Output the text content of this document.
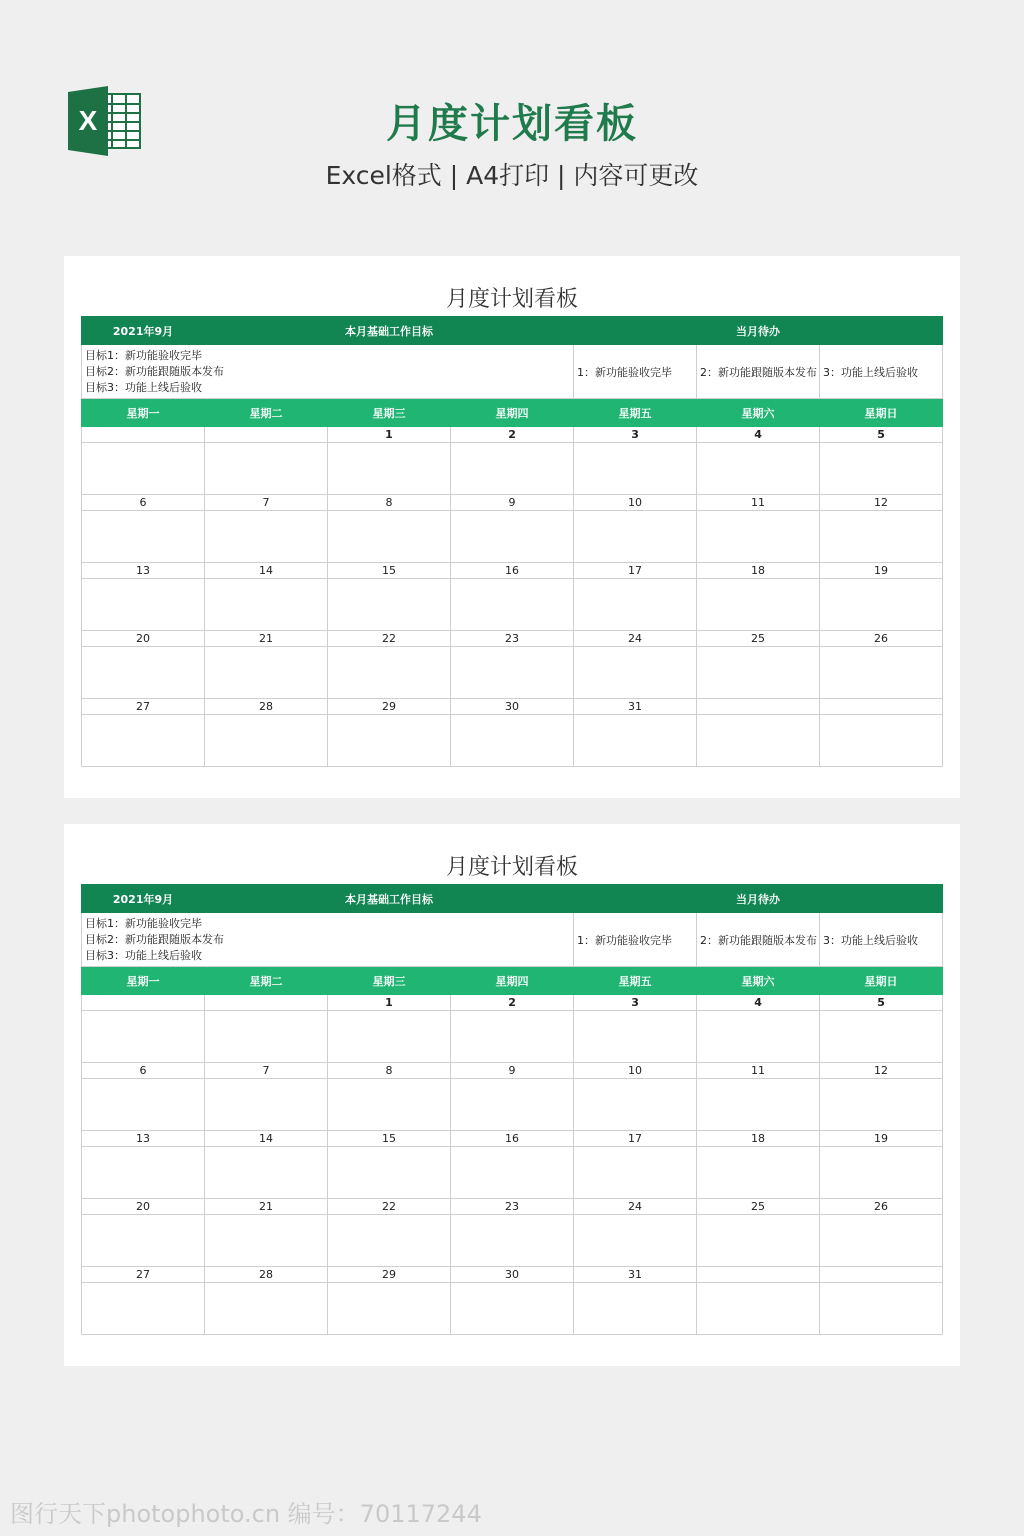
X	月度计划看板
Excel格式 | A4打印 | 内容可更改
月度计划看板
2021年9月	本月基础工作目标			当月待办		

目标1：新功能验收完毕
目标2：新功能跟随版本发布
目标3：功能上线后验收				1：新功能验收完毕	2：新功能跟随版本发布	3：功能上线后验收
星期一	星期二	星期三	星期四	星期五	星期六	星期日
		1	2	3	4	5

6	7	8	9	10	11	12

13	14	15	16	17	18	19

20	21	22	23	24	25	26

27	28	29	30	31		

月度计划看板
2021年9月	本月基础工作目标			当月待办		

目标1：新功能验收完毕
目标2：新功能跟随版本发布
目标3：功能上线后验收				1：新功能验收完毕	2：新功能跟随版本发布	3：功能上线后验收
星期一	星期二	星期三	星期四	星期五	星期六	星期日
		1	2	3	4	5

6	7	8	9	10	11	12

13	14	15	16	17	18	19

20	21	22	23	24	25	26

27	28	29	30	31		

图行天下photophoto.cn 编号：70117244
